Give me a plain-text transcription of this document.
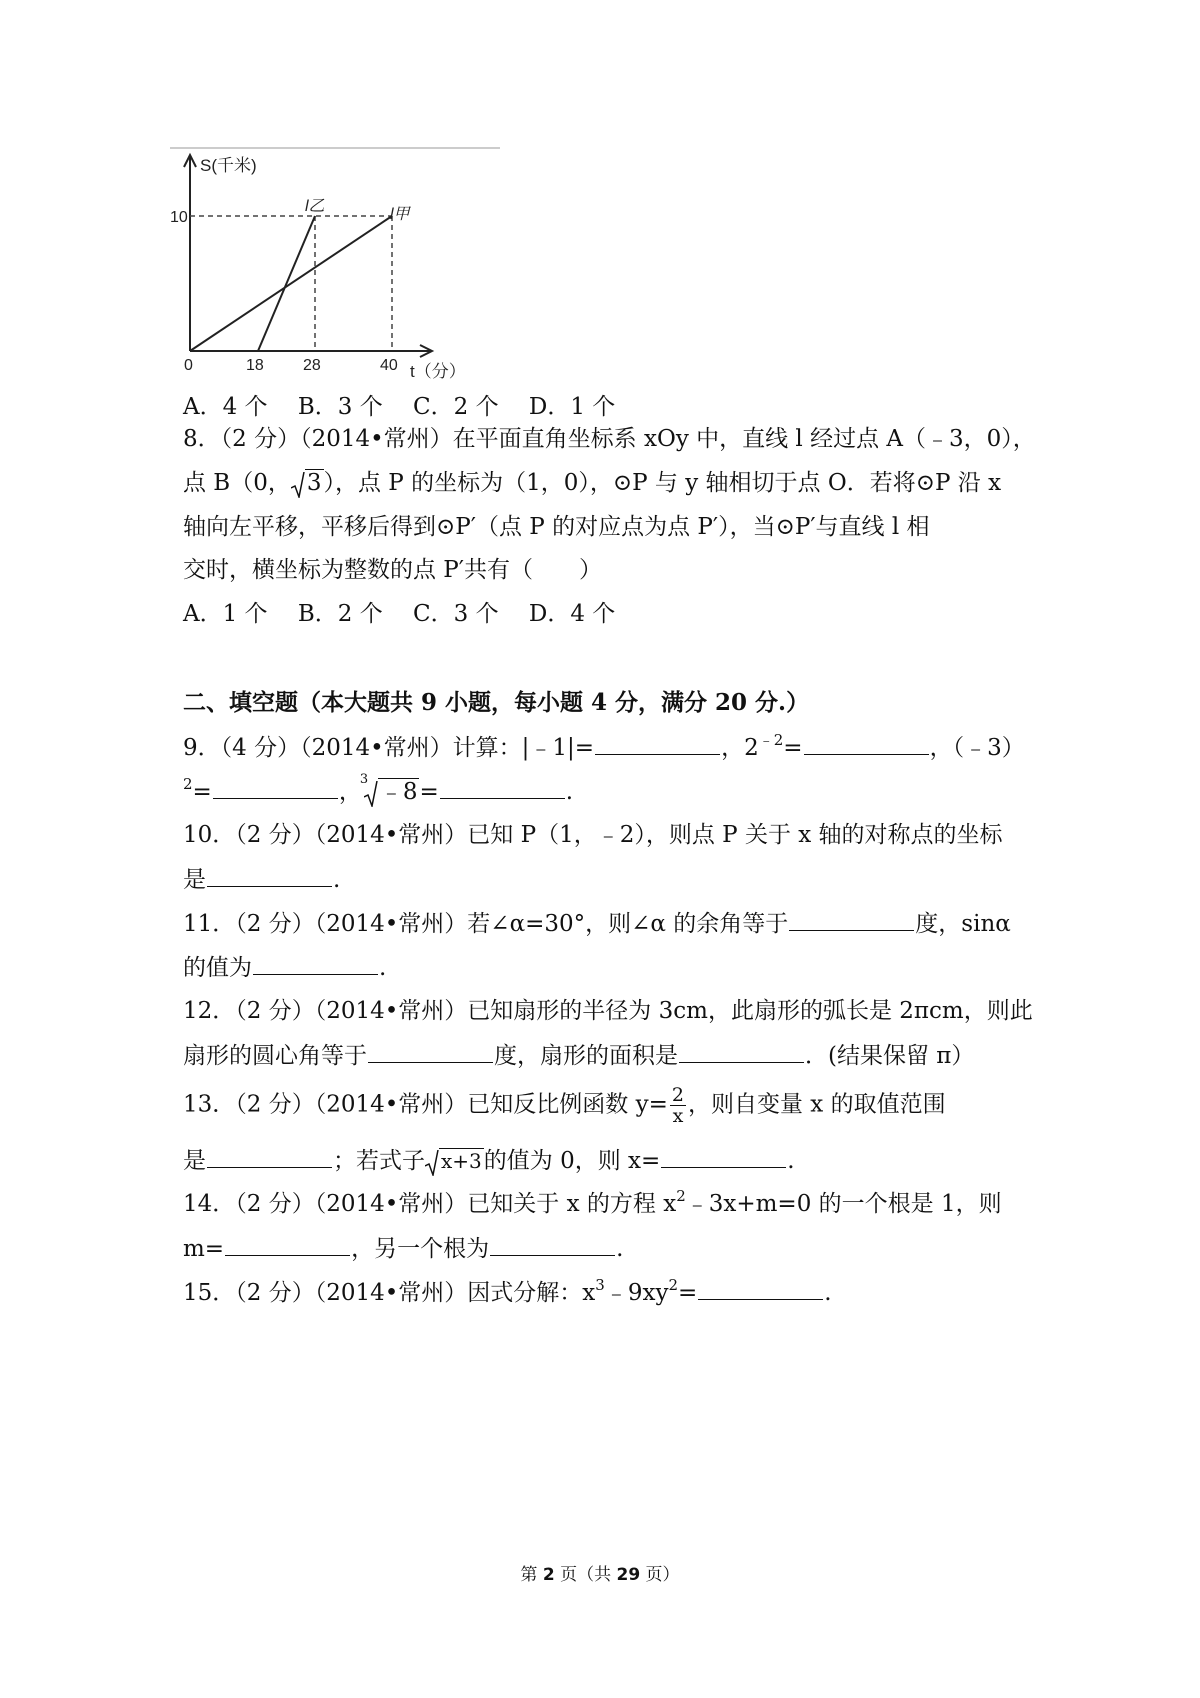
S(千米)
10
0	18 28	40 t（分）
l乙	l甲
A．4 个　 B．3 个　 C．2 个　 D．1 个
8．（2 分）（2014•常州）在平面直角坐标系 xOy 中，直线 l 经过点 A（﹣3，0），
点 B（0， 3），点 P 的坐标为（1，0），⊙P 与 y 轴相切于点 O．若将⊙P 沿 x
轴向左平移，平移后得到⊙P′（点 P 的对应点为点 P′），当⊙P′与直线 l 相
交时，横坐标为整数的点 P′共有（　　）
A．1 个　 B．2 个　 C．3 个　 D．4 个
二、填空题（本大题共 9 小题，每小题 4 分，满分 20 分.）
9．（4 分）（2014•常州）计算：|﹣1|=	，$2^{﹣2}=$	，（﹣3）
$^2$=	，
3 ﹣8=	.
10．（2 分）（2014•常州）已知 P（1，﹣2），则点 P 关于 x 轴的对称点的坐标
是	.
11．（2 分）（2014•常州）若∠α=30°，则∠α 的余角等于	度，sinα
的值为	.
12．（2 分）（2014•常州）已知扇形的半径为 3cm，此扇形的弧长是 2πcm，则此
扇形的圆心角等于	度，扇形的面积是	．(结果保留 π）
13．（2 分）（2014•常州）已知反比例函数 $y= \frac{2}{x}$ ，则自变量 x 的取值范围
是	；若式子 x+3的值为 0，则 x=	.
14．（2 分）（2014•常州）已知关于 x 的方程 $x^2﹣3x+m=0$ 的一个根是 1，则
m=	，另一个根为	.
15．（2 分）（2014•常州）因式分解：$x^3﹣9xy^2=$	.
第 2 页（共 29 页）
